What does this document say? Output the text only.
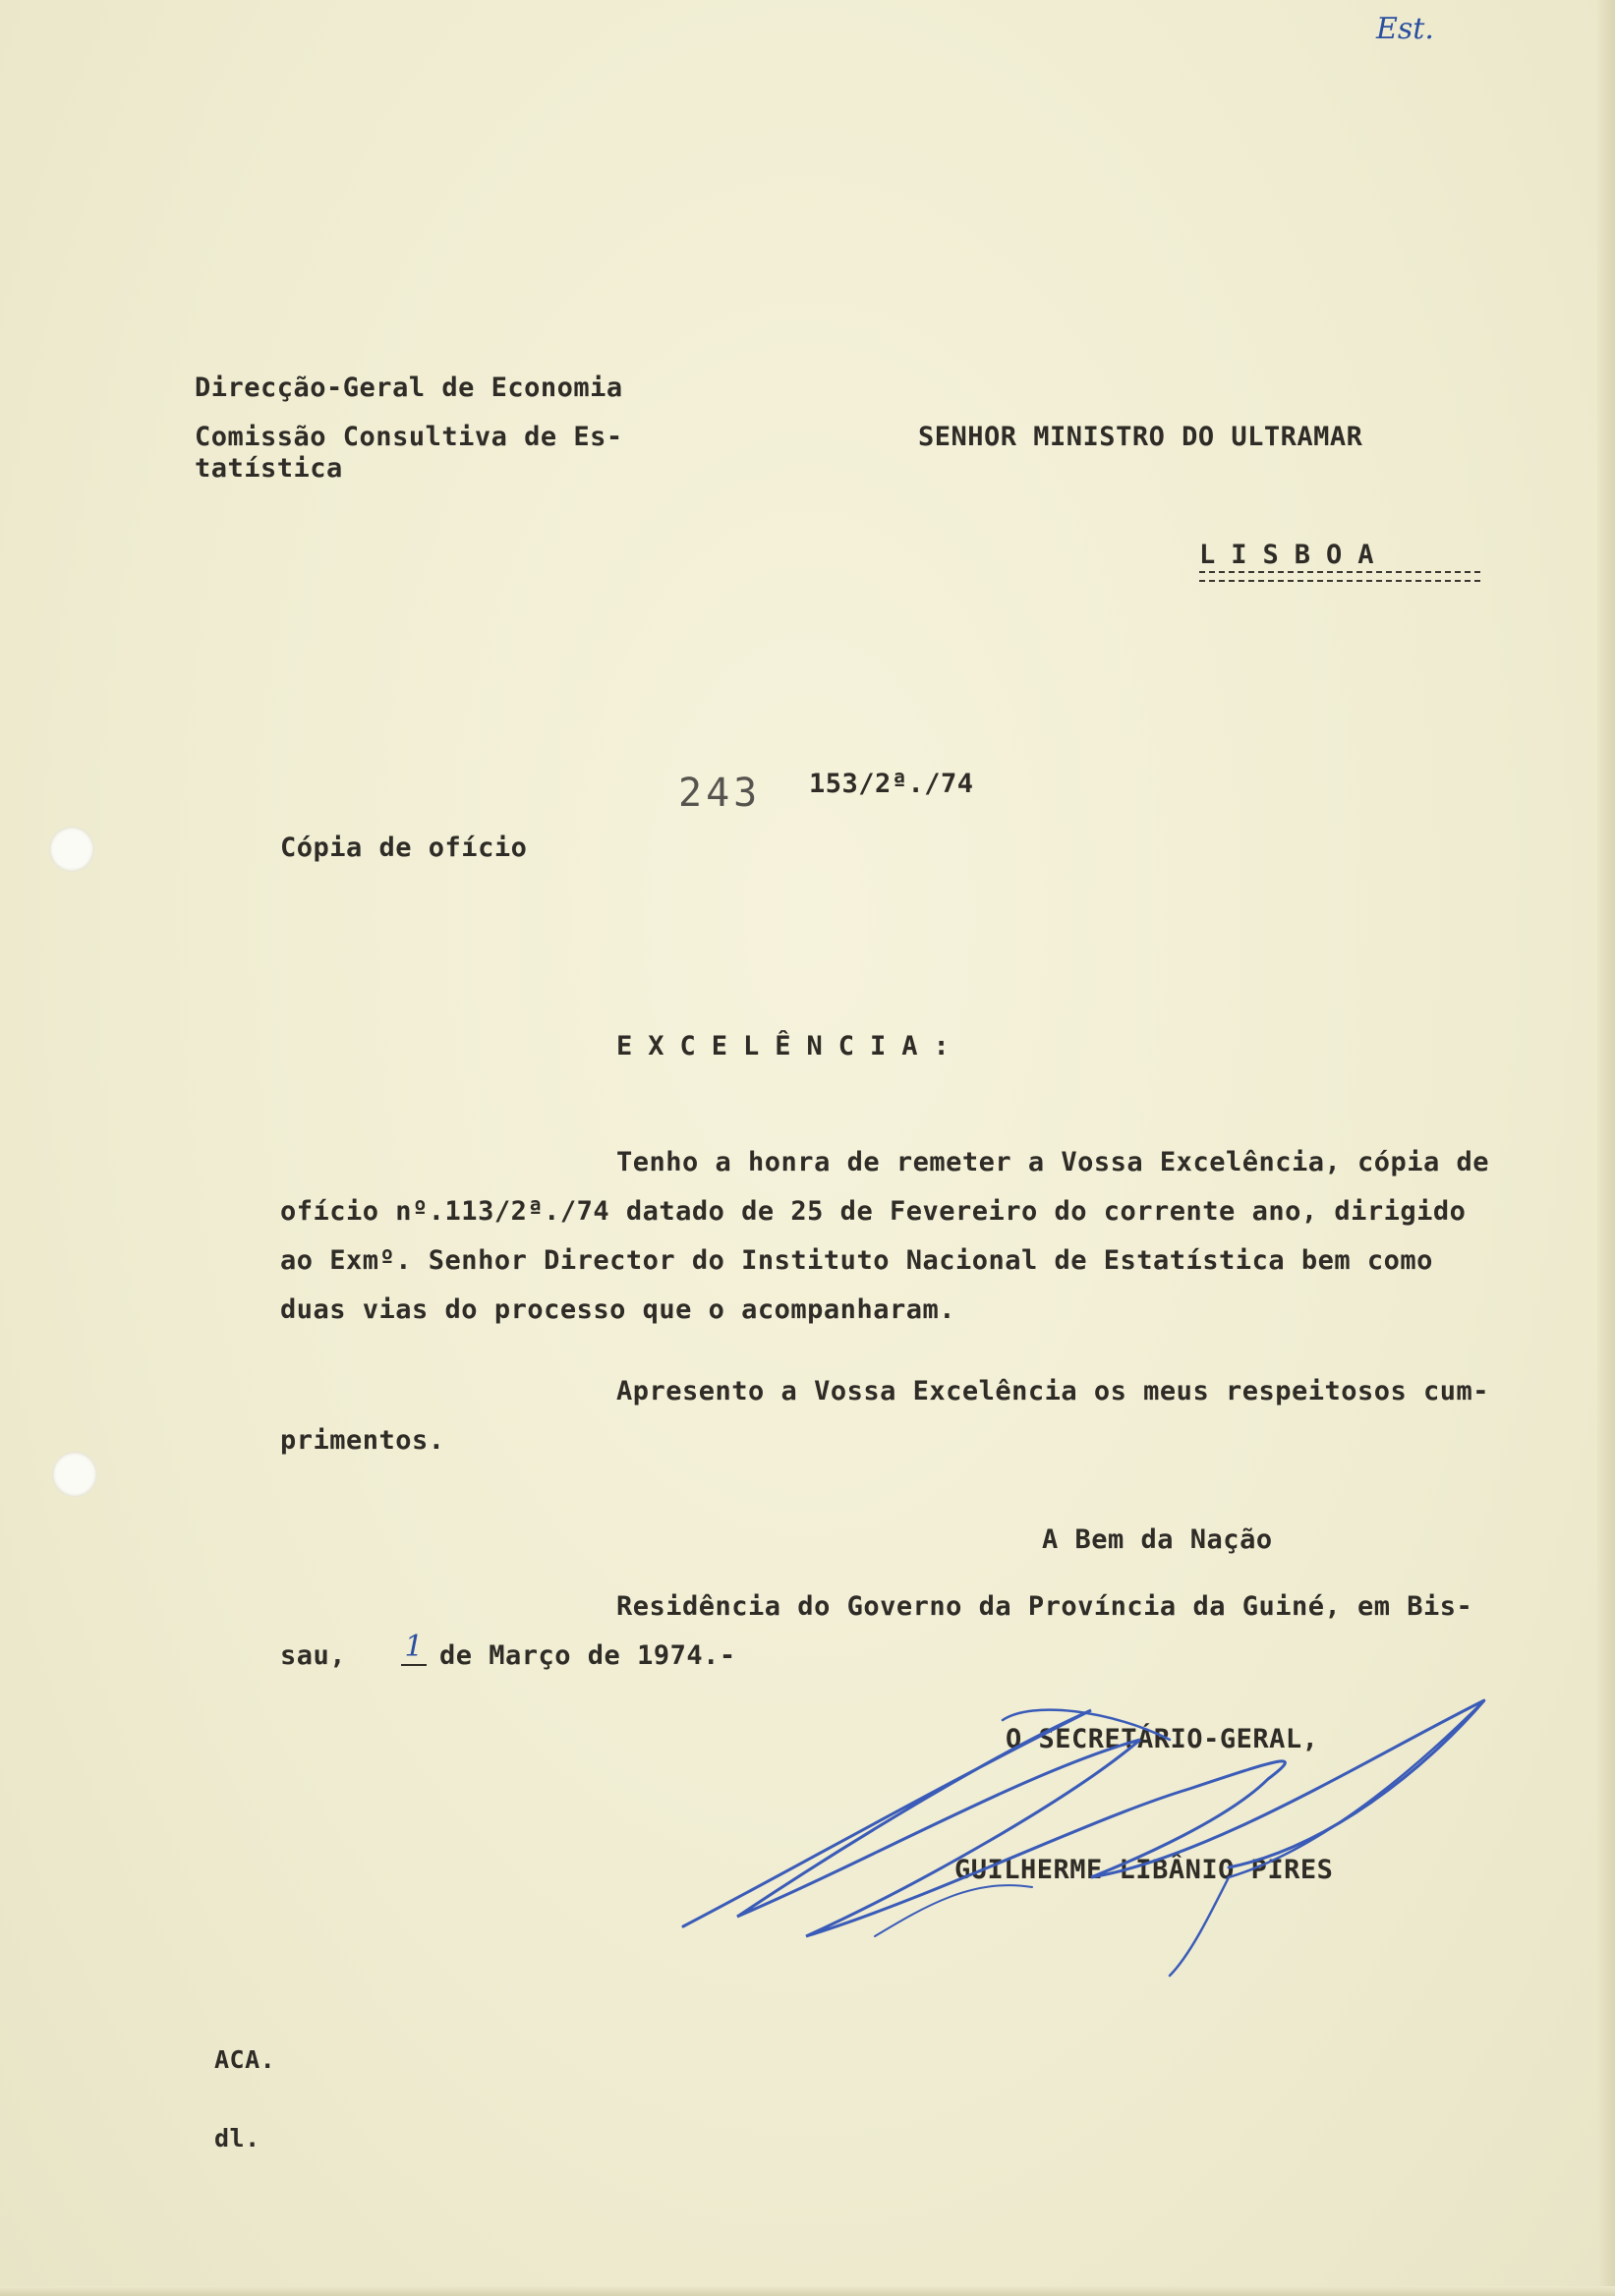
Est.
Direcção-Geral de Economia
Comissão Consultiva de Es-
tatística
SENHOR MINISTRO DO ULTRAMAR
LISBOA
243 153/2ª./74
Cópia de ofício
EXCELÊNCIA:
Tenho a honra de remeter a Vossa Excelência, cópia de
ofício nº.113/2ª./74 datado de 25 de Fevereiro do corrente ano, dirigido
ao Exmº. Senhor Director do Instituto Nacional de Estatística bem como
duas vias do processo que o acompanharam.
Apresento a Vossa Excelência os meus respeitosos cum-
primentos.
A Bem da Nação
Residência do Governo da Província da Guiné, em Bis-
sau, 1 de Março de 1974.-
O SECRETÁRIO-GERAL,
GUILHERME LIBÂNIO PIRES
ACA.
dl.
